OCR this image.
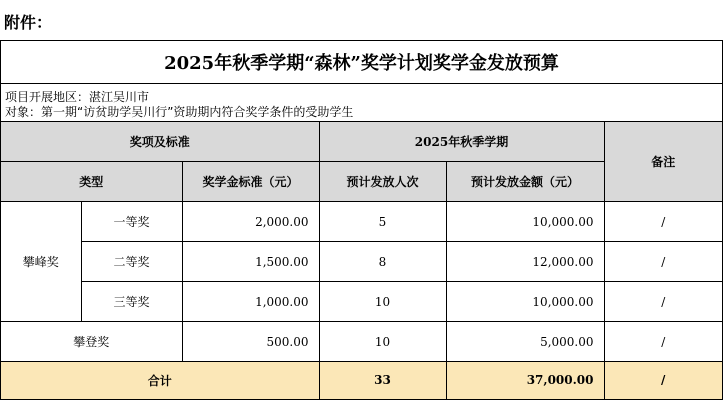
附件：
2025年秋季学期“森林”奖学计划奖学金发放预算
项目开展地区：湛江吴川市
对象：第一期“访贫助学吴川行”资助期内符合奖学条件的受助学生
奖项及标准			2025年秋季学期		备注
类型		奖学金标准（元）	预计发放人次	预计发放金额（元）	
攀峰奖	一等奖	2,000.00	5	10,000.00	/
	二等奖	1,500.00	8	12,000.00	/
	三等奖	1,000.00	10	10,000.00	/
攀登奖		500.00	10	5,000.00	/
合计			33	37,000.00	/
